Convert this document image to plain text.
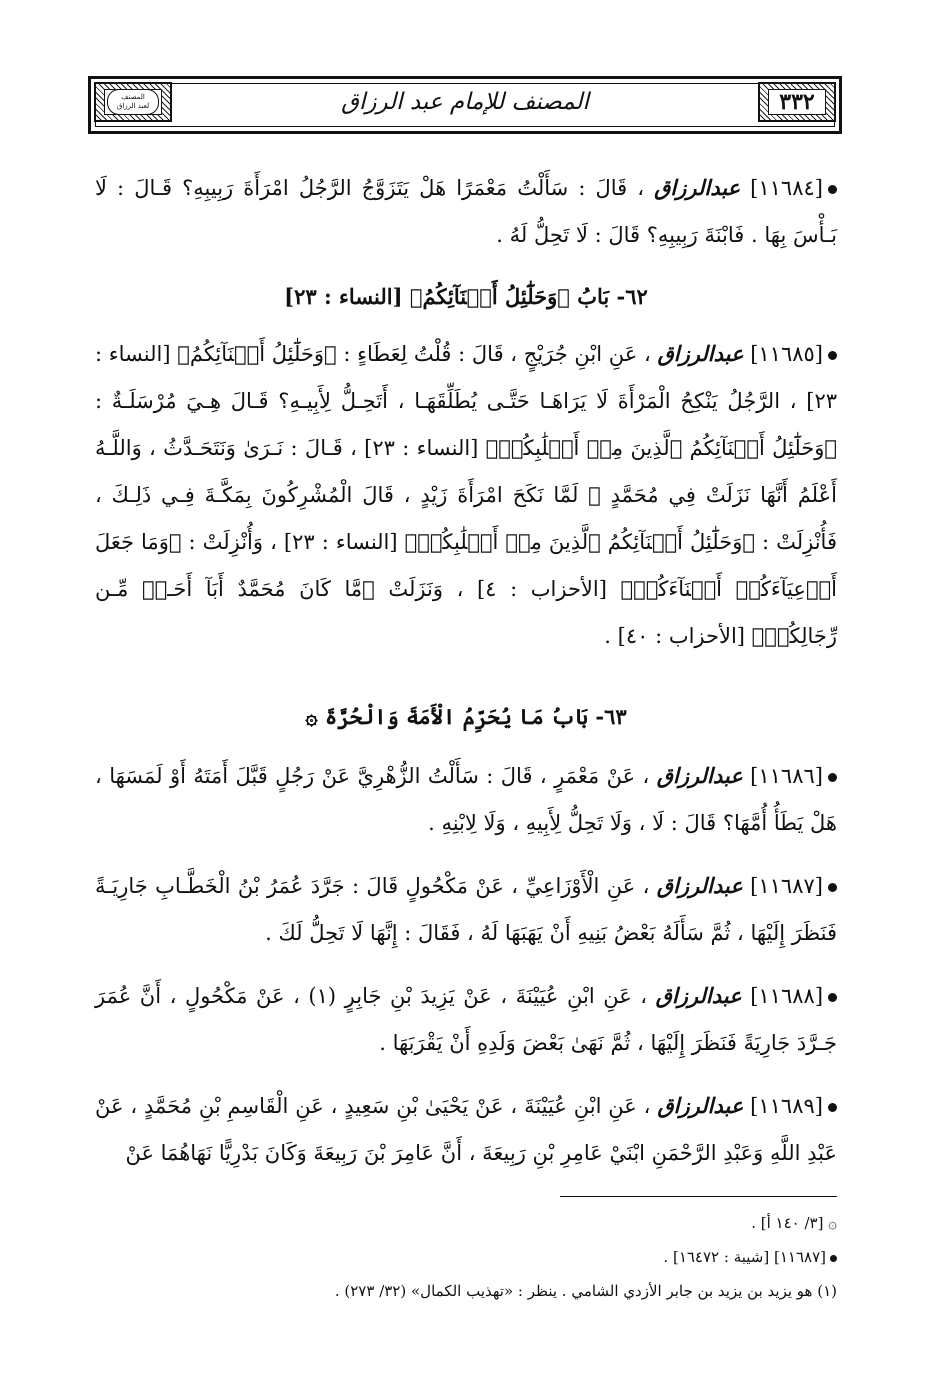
٣٣٢
المصنف للإمام عبد الرزاق
المصنف
لعبد الرزاق

[١١٦٨٤] عبدالرزاق ، قَالَ : سَأَلْتُ مَعْمَرًا هَلْ يَتَزَوَّجُ الرَّجُلُ امْرَأَةَ رَبِيبِهِ؟ قَـالَ : لَا بَـأْسَ بِهَا . فَابْنَةَ رَبِيبِهِ؟ قَالَ : لَا تَحِلُّ لَهُ .

٦٢- بَابُ ﴿وَحَلَٰٓئِلُ أَبۡنَآئِكُمُ﴾ [النساء : ٢٣]

[١١٦٨٥] عبدالرزاق ، عَنِ ابْنِ جُرَيْجٍ ، قَالَ : قُلْتُ لِعَطَاءٍ : ﴿وَحَلَٰٓئِلُ أَبۡنَآئِكُمُ﴾ [النساء : ٢٣] ، الرَّجُلُ يَنْكِحُ الْمَرْأَةَ لَا يَرَاهَـا حَتَّـى يُطَلِّقَهَـا ، أَتَحِـلُّ لِأَبِيـهِ؟ قَـالَ هِـيَ مُرْسَلَـةٌ : ﴿وَحَلَٰٓئِلُ أَبۡنَآئِكُمُ ٱلَّذِينَ مِنۡ أَصۡلَٰبِكُمۡ﴾ [النساء : ٢٣] ، قَـالَ : نَـرَىٰ وَنَتَحَـدَّثُ ، وَاللَّـهُ أَعْلَمُ أَنَّهَا نَزَلَتْ فِي مُحَمَّدٍ ﷺ لَمَّا نَكَحَ امْرَأَةَ زَيْدٍ ، قَالَ الْمُشْرِكُونَ بِمَكَّـةَ فِـي ذَلِـكَ ، فَأُنْزِلَتْ : ﴿وَحَلَٰٓئِلُ أَبۡنَآئِكُمُ ٱلَّذِينَ مِنۡ أَصۡلَٰبِكُمۡ﴾ [النساء : ٢٣] ، وَأُنْزِلَتْ : ﴿وَمَا جَعَلَ أَدۡعِيَآءَكُمۡ أَبۡنَآءَكُمۡ﴾ [الأحزاب : ٤] ، وَنَزَلَتْ ﴿مَّا كَانَ مُحَمَّدٌ أَبَآ أَحَـدٖ مِّـن رِّجَالِكُمۡ﴾ [الأحزاب : ٤٠] .

٦٣- بَابُ مَا يُحَرِّمُ الْأَمَةَ وَالْحُرَّةَ ۞

[١١٦٨٦] عبدالرزاق ، عَنْ مَعْمَرٍ ، قَالَ : سَأَلْتُ الزُّهْرِيَّ عَنْ رَجُلٍ قَبَّلَ أَمَتَهُ أَوْ لَمَسَهَا ، هَلْ يَطَأُ أُمَّهَا؟ قَالَ : لَا ، وَلَا تَحِلُّ لِأَبِيهِ ، وَلَا لِابْنِهِ .

[١١٦٨٧] عبدالرزاق ، عَنِ الْأَوْزَاعِيِّ ، عَنْ مَكْحُولٍ قَالَ : جَرَّدَ عُمَرُ بْنُ الْخَطَّـابِ جَارِيَـةً فَنَظَرَ إِلَيْهَا ، ثُمَّ سَأَلَهُ بَعْضُ بَنِيهِ أَنْ يَهَبَهَا لَهُ ، فَقَالَ : إِنَّهَا لَا تَحِلُّ لَكَ .

[١١٦٨٨] عبدالرزاق ، عَنِ ابْنِ عُيَيْنَةَ ، عَنْ يَزِيدَ بْنِ جَابِرٍ (١) ، عَنْ مَكْحُولٍ ، أَنَّ عُمَرَ جَـرَّدَ جَارِيَةً فَنَظَرَ إِلَيْهَا ، ثُمَّ نَهَىٰ بَعْضَ وَلَدِهِ أَنْ يَقْرَبَهَا .

[١١٦٨٩] عبدالرزاق ، عَنِ ابْنِ عُيَيْنَةَ ، عَنْ يَحْيَىٰ بْنِ سَعِيدٍ ، عَنِ الْقَاسِمِ بْنِ مُحَمَّدٍ ، عَنْ عَبْدِ اللَّهِ وَعَبْدِ الرَّحْمَنِ ابْنَيْ عَامِرِ بْنِ رَبِيعَةَ ، أَنَّ عَامِرَ بْنَ رَبِيعَةَ وَكَانَ بَدْرِيًّا نَهَاهُمَا عَنْ

۞ [٣/ ١٤٠ أ] .

[١١٦٨٧] [شيبة : ١٦٤٧٢] .

(١) هو يزيد بن يزيد بن جابر الأزدي الشامي . ينظر : «تهذيب الكمال» (٣٢/ ٢٧٣) .
